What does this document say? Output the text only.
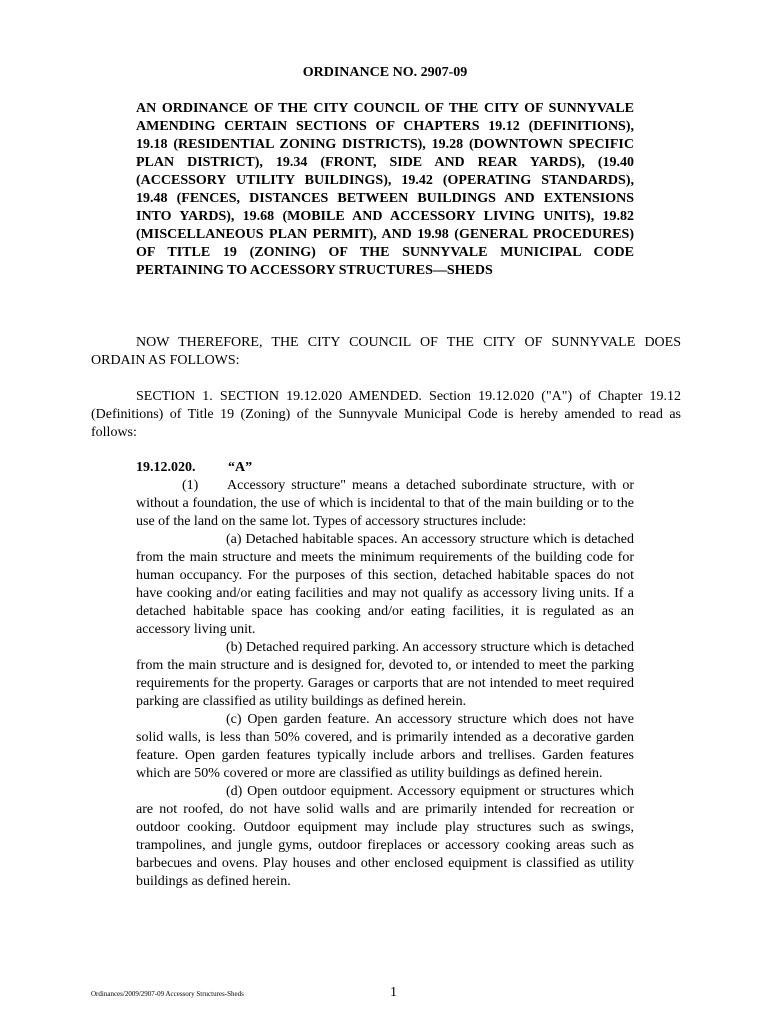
ORDINANCE NO. 2907-09
AN ORDINANCE OF THE CITY COUNCIL OF THE CITY OF SUNNYVALE AMENDING CERTAIN SECTIONS OF CHAPTERS 19.12 (DEFINITIONS), 19.18 (RESIDENTIAL ZONING DISTRICTS), 19.28 (DOWNTOWN SPECIFIC PLAN DISTRICT), 19.34 (FRONT, SIDE AND REAR YARDS), (19.40 (ACCESSORY UTILITY BUILDINGS), 19.42 (OPERATING STANDARDS), 19.48 (FENCES, DISTANCES BETWEEN BUILDINGS AND EXTENSIONS INTO YARDS), 19.68 (MOBILE AND ACCESSORY LIVING UNITS), 19.82 (MISCELLANEOUS PLAN PERMIT), AND 19.98 (GENERAL PROCEDURES) OF TITLE 19 (ZONING) OF THE SUNNYVALE MUNICIPAL CODE PERTAINING TO ACCESSORY STRUCTURES—SHEDS
NOW THEREFORE, THE CITY COUNCIL OF THE CITY OF SUNNYVALE DOES ORDAIN AS FOLLOWS:
SECTION 1. SECTION 19.12.020 AMENDED. Section 19.12.020 ("A") of Chapter 19.12 (Definitions) of Title 19 (Zoning) of the Sunnyvale Municipal Code is hereby amended to read as follows:
19.12.020. “A”
(1) Accessory structure" means a detached subordinate structure, with or without a foundation, the use of which is incidental to that of the main building or to the use of the land on the same lot. Types of accessory structures include:
(a) Detached habitable spaces. An accessory structure which is detached from the main structure and meets the minimum requirements of the building code for human occupancy. For the purposes of this section, detached habitable spaces do not have cooking and/or eating facilities and may not qualify as accessory living units. If a detached habitable space has cooking and/or eating facilities, it is regulated as an accessory living unit.
(b) Detached required parking. An accessory structure which is detached from the main structure and is designed for, devoted to, or intended to meet the parking requirements for the property. Garages or carports that are not intended to meet required parking are classified as utility buildings as defined herein.
(c) Open garden feature. An accessory structure which does not have solid walls, is less than 50% covered, and is primarily intended as a decorative garden feature. Open garden features typically include arbors and trellises. Garden features which are 50% covered or more are classified as utility buildings as defined herein.
(d) Open outdoor equipment. Accessory equipment or structures which are not roofed, do not have solid walls and are primarily intended for recreation or outdoor cooking. Outdoor equipment may include play structures such as swings, trampolines, and jungle gyms, outdoor fireplaces or accessory cooking areas such as barbecues and ovens. Play houses and other enclosed equipment is classified as utility buildings as defined herein.
Ordinances/2009/2907-09 Accessory Structures-Sheds	1
